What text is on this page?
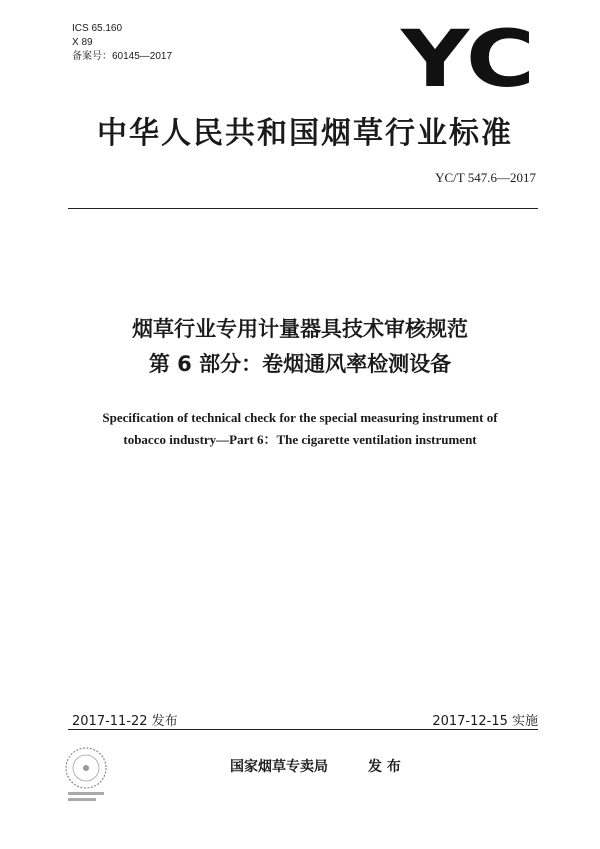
ICS 65.160
X 89
备案号：60145—2017	YC
中华人民共和国烟草行业标准
YC/T 547.6—2017
烟草行业专用计量器具技术审核规范
第 6 部分：卷烟通风率检测设备
Specification of technical check for the special measuring instrument of
tobacco industry—Part 6：The cigarette ventilation instrument
2017-11-22 发布	2017-12-15 实施
国家烟草专卖局	发 布
